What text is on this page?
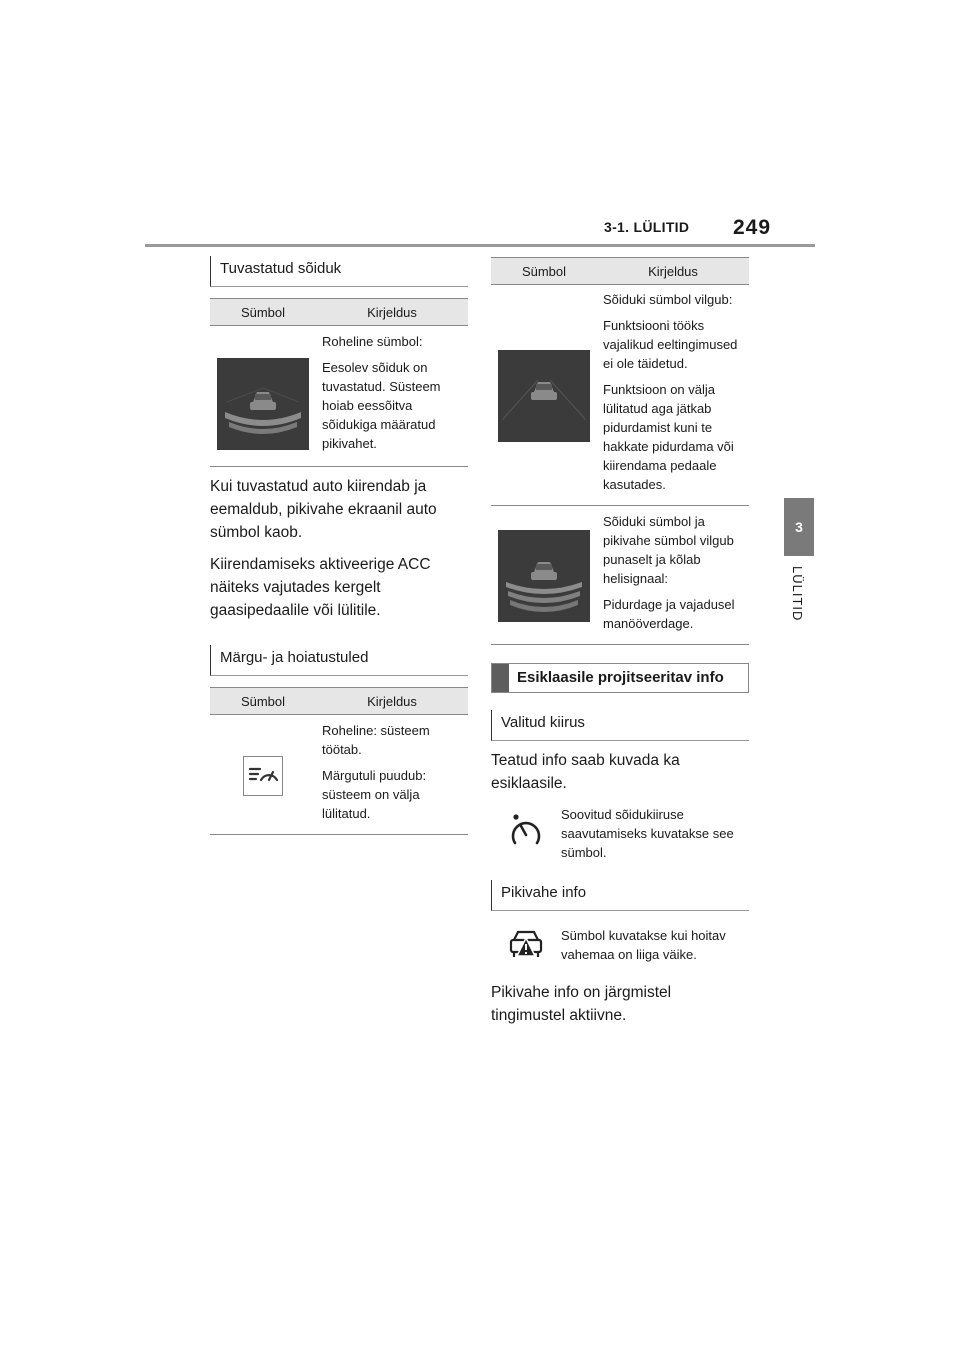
3-1. LÜLITID 249
3
LÜLITID
Tuvastatud sõiduk
Sümbol	Kirjeldus

Roheline sümbol:

Eesolev sõiduk on tuvastatud. Süsteem hoiab eessõitva sõidukiga määratud pikivahet.

Kui tuvastatud auto kiirendab ja eemaldub, pikivahe ekraanil auto sümbol kaob.

Kiirendamiseks aktiveerige ACC näiteks vajutades kergelt gaasipedaalile või lülitile.

Märgu- ja hoiatustuled
Sümbol	Kirjeldus

Roheline: süsteem töötab.

Märgutuli puudub: süsteem on välja lülitatud.

Sümbol	Kirjeldus

Sõiduki sümbol vilgub:

Funktsiooni tööks vajalikud eeltingimused ei ole täidetud.

Funktsioon on välja lülitatud aga jätkab pidurdamist kuni te hakkate pidurdama või kiirendama pedaale kasutades.

Sõiduki sümbol ja pikivahe sümbol vilgub punaselt ja kõlab helisignaal:

Pidurdage ja vajadusel manööverdage.

Esiklaasile projitseeritav info
Valitud kiirus

Teatud info saab kuvada ka esiklaasile.

Soovitud sõidukiiruse saavutamiseks kuvatakse see sümbol.
Pikivahe info
Sümbol kuvatakse kui hoitav vahemaa on liiga väike.

Pikivahe info on järgmistel tingimustel aktiivne.
